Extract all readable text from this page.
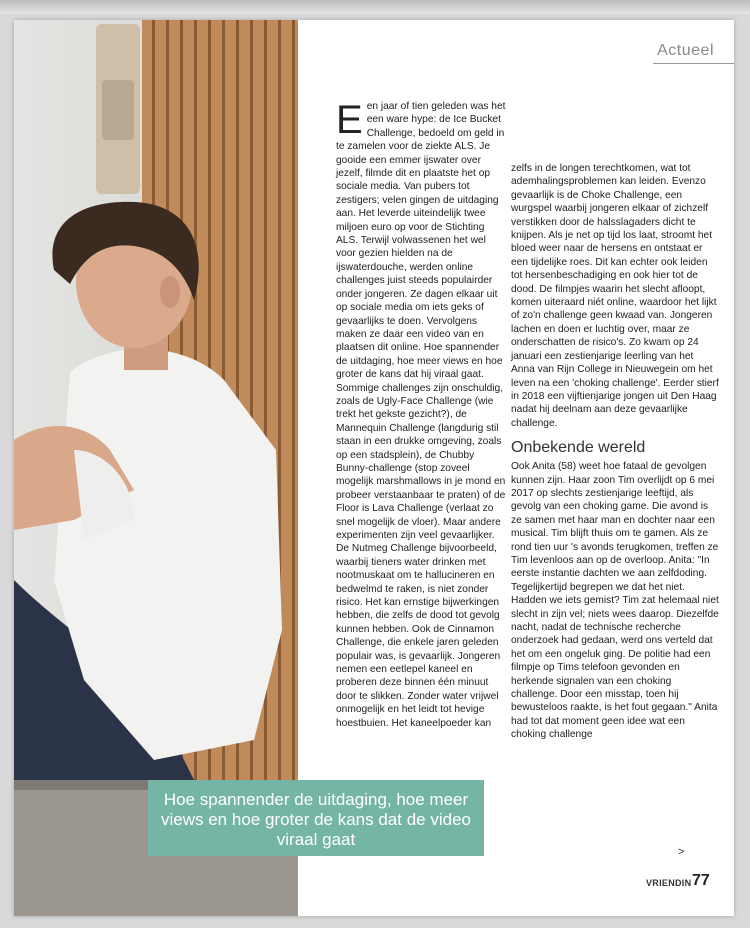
Actueel
E en jaar of tien geleden was het een ware hype: de Ice Bucket Challenge, bedoeld om geld in te zamelen voor de ziekte ALS. Je gooide een emmer ijswater over jezelf, filmde dit en plaatste het op sociale media. Van pubers tot zestigers; velen gingen de uitdaging aan. Het leverde uiteindelijk twee miljoen euro op voor de Stichting ALS. Terwijl volwassenen het wel voor gezien hielden na de ijswaterdouche, werden online challenges juist steeds populairder onder jongeren. Ze dagen elkaar uit op sociale media om iets geks of gevaarlijks te doen. Vervolgens maken ze daar een video van en plaatsen dit online. Hoe spannender de uitdaging, hoe meer views en hoe groter de kans dat hij viraal gaat. Sommige challenges zijn onschuldig, zoals de Ugly-Face Challenge (wie trekt het gekste gezicht?), de Mannequin Challenge (langdurig stil staan in een drukke omgeving, zoals op een stadsplein), de Chubby Bunny-challenge (stop zoveel mogelijk marshmallows in je mond en probeer verstaanbaar te praten) of de Floor is Lava Challenge (verlaat zo snel mogelijk de vloer). Maar andere experimenten zijn veel gevaarlijker.

De Nutmeg Challenge bijvoorbeeld, waarbij tieners water drinken met nootmuskaat om te hallucineren en bedwelmd te raken, is niet zonder risico. Het kan ernstige bijwerkingen hebben, die zelfs de dood tot gevolg kunnen hebben. Ook de Cinnamon Challenge, die enkele jaren geleden populair was, is gevaarlijk. Jongeren nemen een eetlepel kaneel en proberen deze binnen één minuut door te slikken. Zonder water vrijwel onmogelijk en het leidt tot hevige hoestbuien. Het kaneelpoeder kan

zelfs in de longen terechtkomen, wat tot ademhalingsproblemen kan leiden. Evenzo gevaarlijk is de Choke Challenge, een wurgspel waarbij jongeren elkaar of zichzelf verstikken door de halsslagaders dicht te knijpen. Als je net op tijd los laat, stroomt het bloed weer naar de hersens en ontstaat er een tijdelijke roes. Dit kan echter ook leiden tot hersenbeschadiging en ook hier tot de dood. De filmpjes waarin het slecht afloopt, komen uiteraard niét online, waardoor het lijkt of zo'n challenge geen kwaad van. Jongeren lachen en doen er luchtig over, maar ze onderschatten de risico's. Zo kwam op 24 januari een zestienjarige leerling van het Anna van Rijn College in Nieuwegein om het leven na een 'choking challenge'. Eerder stierf in 2018 een vijftienjarige jongen uit Den Haag nadat hij deelnam aan deze gevaarlijke challenge.

Onbekende wereld

Ook Anita (58) weet hoe fataal de gevolgen kunnen zijn. Haar zoon Tim overlijdt op 6 mei 2017 op slechts zestienjarige leeftijd, als gevolg van een choking game. Die avond is ze samen met haar man en dochter naar een musical. Tim blijft thuis om te gamen. Als ze rond tien uur 's avonds terugkomen, treffen ze Tim levenloos aan op de overloop. Anita: "In eerste instantie dachten we aan zelfdoding. Tegelijkertijd begrepen we dat het niet. Hadden we iets gemist? Tim zat helemaal niet slecht in zijn vel; niets wees daarop. Diezelfde nacht, nadat de technische recherche onderzoek had gedaan, werd ons verteld dat het om een ongeluk ging. De politie had een filmpje op Tims telefoon gevonden en herkende signalen van een choking challenge. Door een misstap, toen hij bewusteloos raakte, is het fout gegaan." Anita had tot dat moment geen idee wat een choking challenge

Hoe spannender de uitdaging, hoe meer views en hoe groter de kans dat de video viraal gaat
>
VRIENDIN 77
